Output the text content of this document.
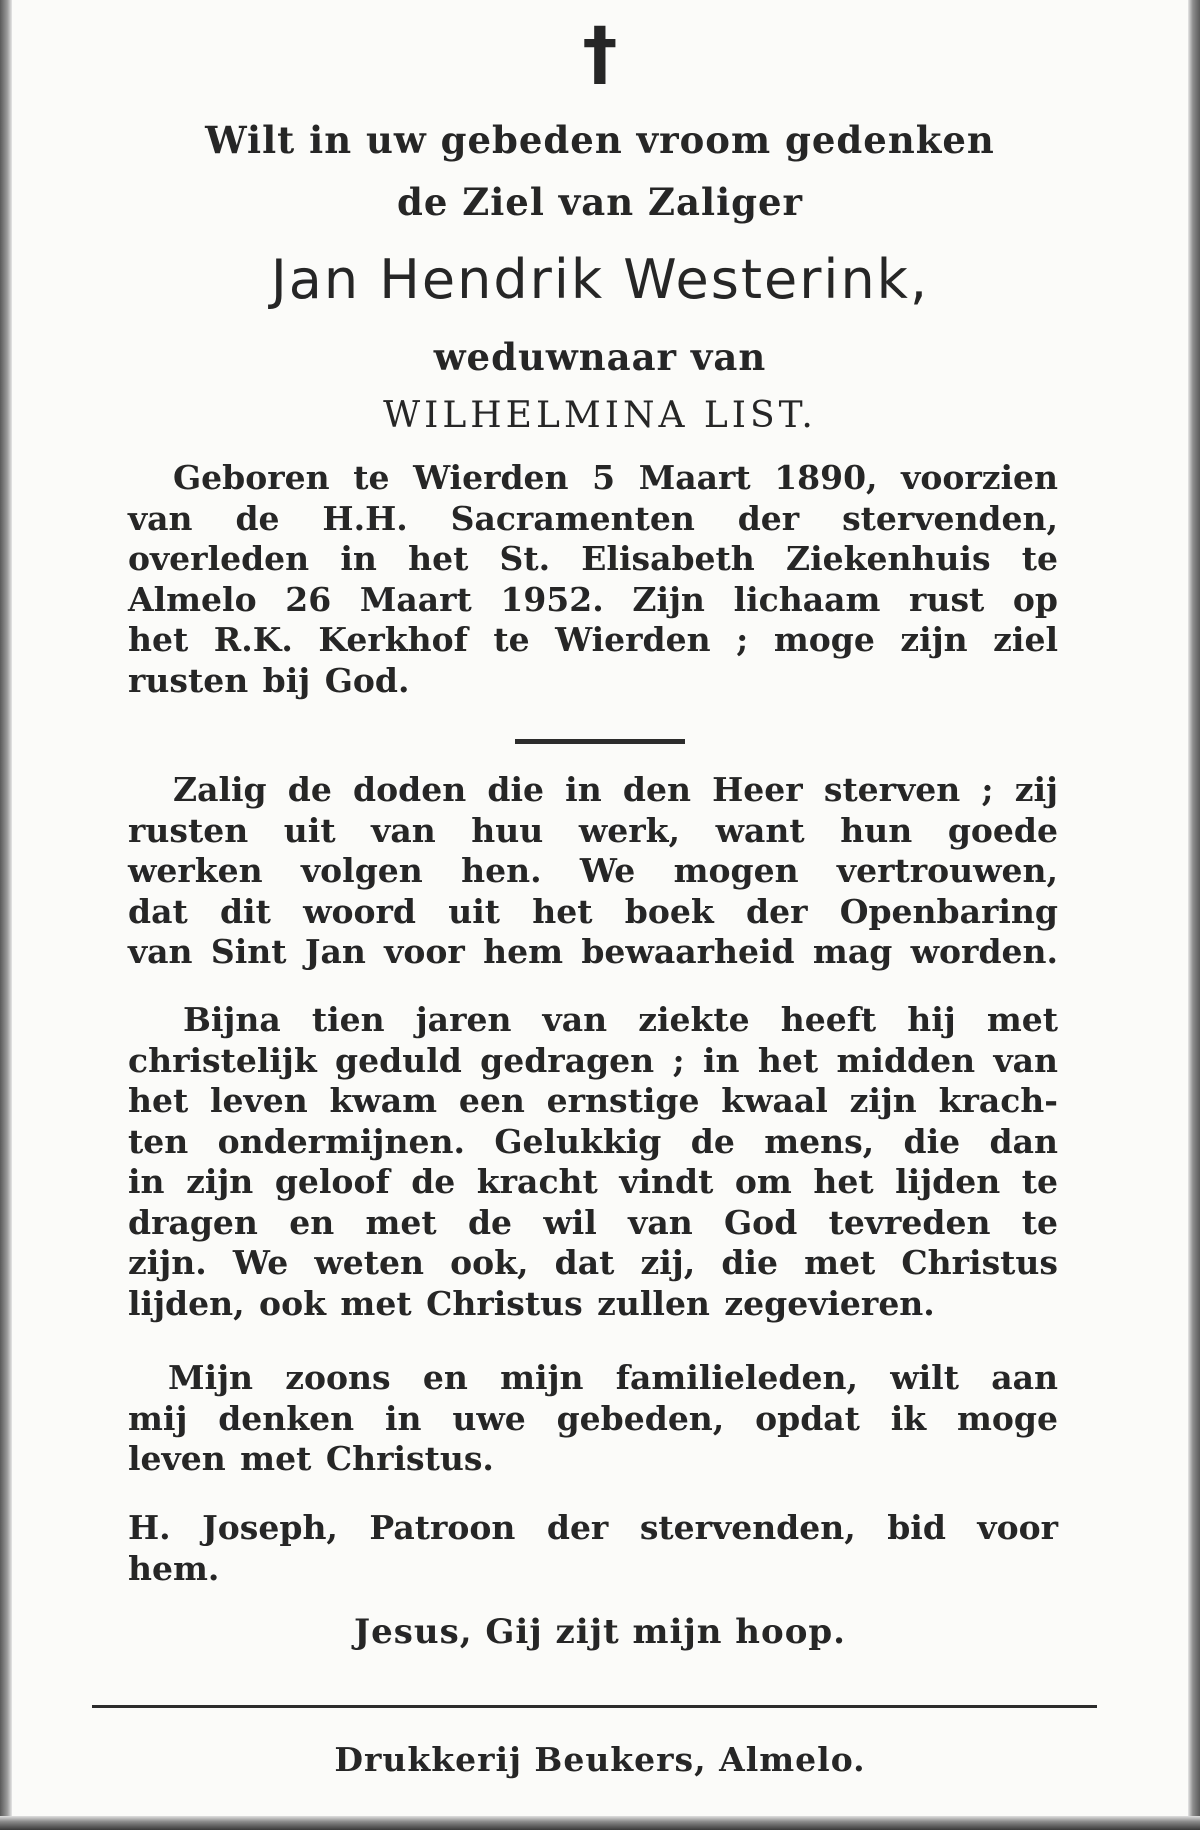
†
Wilt in uw gebeden vroom gedenken
de Ziel van Zaliger
Jan Hendrik Westerink,
weduwnaar van
WILHELMINA LIST.
Geboren te Wierden 5 Maart 1890, voorzien
van de H.H. Sacramenten der stervenden,
overleden in het St. Elisabeth Ziekenhuis te
Almelo 26 Maart 1952. Zijn lichaam rust op
het R.K. Kerkhof te Wierden ; moge zijn ziel
rusten bij God.
Zalig de doden die in den Heer sterven ; zij
rusten uit van huu werk, want hun goede
werken volgen hen. We mogen vertrouwen,
dat dit woord uit het boek der Openbaring
van Sint Jan voor hem bewaarheid mag worden.
Bijna tien jaren van ziekte heeft hij met
christelijk geduld gedragen ; in het midden van
het leven kwam een ernstige kwaal zijn krach-
ten ondermijnen. Gelukkig de mens, die dan
in zijn geloof de kracht vindt om het lijden te
dragen en met de wil van God tevreden te
zijn. We weten ook, dat zij, die met Christus
lijden, ook met Christus zullen zegevieren.
Mijn zoons en mijn familieleden, wilt aan
mij denken in uwe gebeden, opdat ik moge
leven met Christus.
H. Joseph, Patroon der stervenden, bid voor
hem.
Jesus, Gij zijt mijn hoop.
Drukkerij Beukers, Almelo.
